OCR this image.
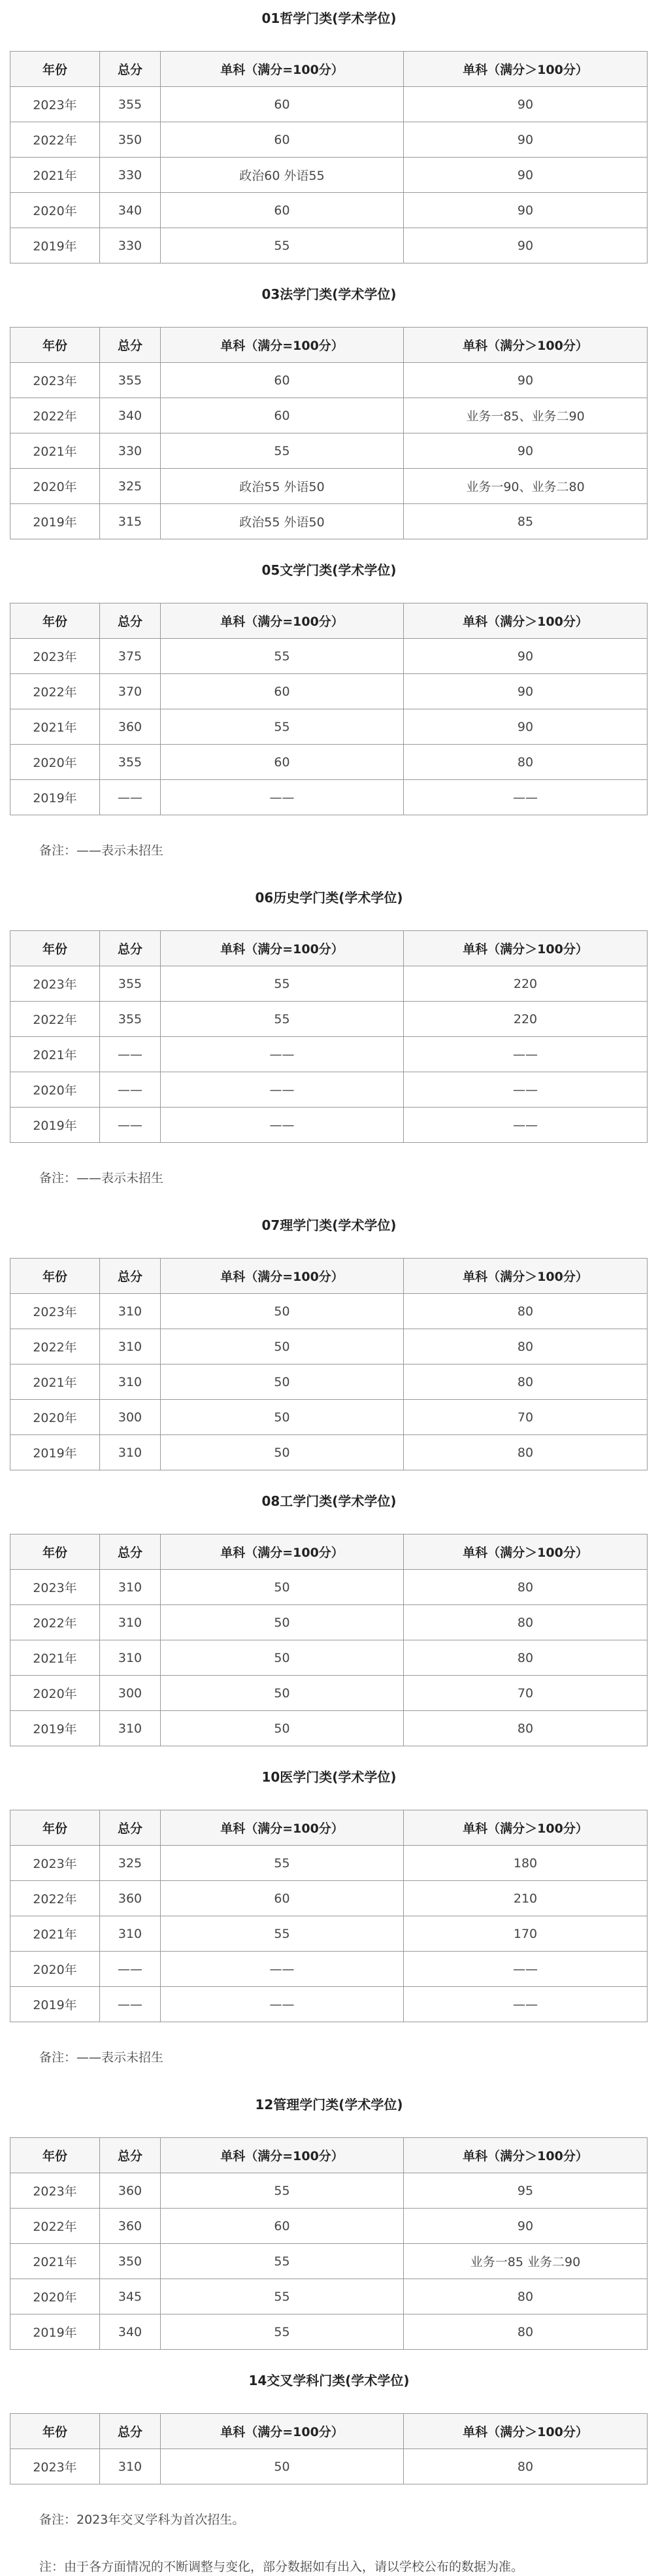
01哲学门类(学术学位)
年份	总分	单科（满分=100分）	单科（满分＞100分）
2023年	355	60	90
2022年	350	60	90
2021年	330	政治60 外语55	90
2020年	340	60	90
2019年	330	55	90
03法学门类(学术学位)
年份	总分	单科（满分=100分）	单科（满分＞100分）
2023年	355	60	90
2022年	340	60	业务一85、业务二90
2021年	330	55	90
2020年	325	政治55 外语50	业务一90、业务二80
2019年	315	政治55 外语50	85
05文学门类(学术学位)
年份	总分	单科（满分=100分）	单科（满分＞100分）
2023年	375	55	90
2022年	370	60	90
2021年	360	55	90
2020年	355	60	80
2019年	——	——	——
备注：——表示未招生
06历史学门类(学术学位)
年份	总分	单科（满分=100分）	单科（满分＞100分）
2023年	355	55	220
2022年	355	55	220
2021年	——	——	——
2020年	——	——	——
2019年	——	——	——
备注：——表示未招生
07理学门类(学术学位)
年份	总分	单科（满分=100分）	单科（满分＞100分）
2023年	310	50	80
2022年	310	50	80
2021年	310	50	80
2020年	300	50	70
2019年	310	50	80
08工学门类(学术学位)
年份	总分	单科（满分=100分）	单科（满分＞100分）
2023年	310	50	80
2022年	310	50	80
2021年	310	50	80
2020年	300	50	70
2019年	310	50	80
10医学门类(学术学位)
年份	总分	单科（满分=100分）	单科（满分＞100分）
2023年	325	55	180
2022年	360	60	210
2021年	310	55	170
2020年	——	——	——
2019年	——	——	——
备注：——表示未招生
12管理学门类(学术学位)
年份	总分	单科（满分=100分）	单科（满分＞100分）
2023年	360	55	95
2022年	360	60	90
2021年	350	55	业务一85 业务二90
2020年	345	55	80
2019年	340	55	80
14交叉学科门类(学术学位)
年份	总分	单科（满分=100分）	单科（满分＞100分）
2023年	310	50	80
备注：2023年交叉学科为首次招生。
注：由于各方面情况的不断调整与变化，部分数据如有出入，请以学校公布的数据为准。
